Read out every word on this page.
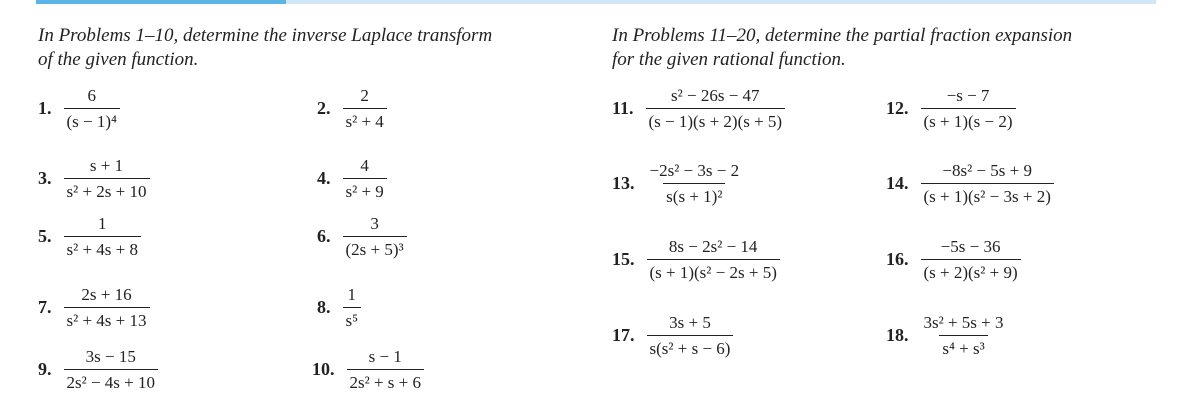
In Problems 1–10, determine the inverse Laplace transform
of the given function.

In Problems 11–20, determine the partial fraction expansion
for the given rational function.

1. $\frac{6}{\text{(s − 1)⁴}}$	2. $\frac{2}{\text{s² + 4}}$
3. $\frac{s + 1}{\text{s² + 2s + 10}}$	4. $\frac{4}{\text{s² + 9}}$
5. $\frac{1}{\text{s² + 4s + 8}}$	6. $\frac{3}{\text{(2s + 5)³}}$
7. $\frac{2s + 16}{\text{s² + 4s + 13}}$	8. $\frac{1}{\text{s⁵}}$
9. $\frac{3s - 15}{\text{2s² − 4s + 10}}$	10. $\frac{s - 1}{\text{2s² + s + 6}}$
11. $\frac{\text{s² − 26s − 47}}{(s - 1)(s + 2)(s + 5)}$	12. $\frac{-s - 7}{(s + 1)(s - 2)}$
13. $\frac{\text{−2s² − 3s − 2}}{\text{s(s + 1)²}}$	14. $\frac{\text{−8s² − 5s + 9}}{\text{(s + 1)(s² − 3s + 2)}}$
15. $\frac{\text{8s − 2s² − 14}}{\text{(s + 1)(s² − 2s + 5)}}$	16. $\frac{-5s - 36}{\text{(s + 2)(s² + 9)}}$
17. $\frac{3s + 5}{\text{s(s² + s − 6)}}$	18. $\frac{\text{3s² + 5s + 3}}{\text{s⁴ + s³}}$
